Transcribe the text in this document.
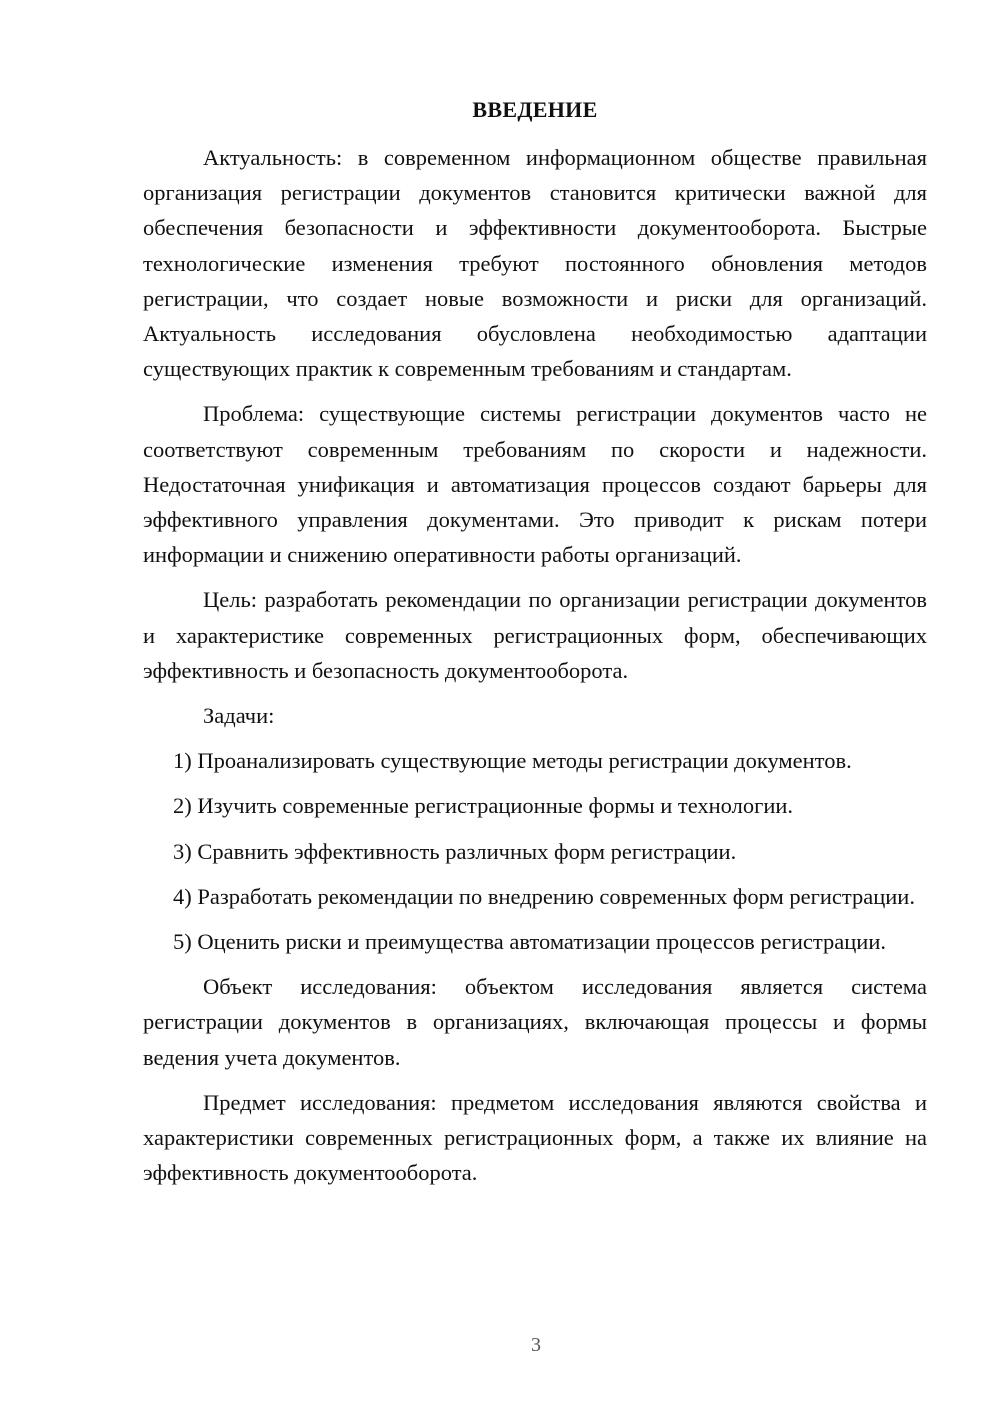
ВВЕДЕНИЕ

Актуальность: в современном информационном обществе правильная организация регистрации документов становится критически важной для обеспечения безопасности и эффективности документооборота. Быстрые технологические изменения требуют постоянного обновления методов регистрации, что создает новые возможности и риски для организаций. Актуальность исследования обусловлена необходимостью адаптации существующих практик к современным требованиям и стандартам.

Проблема: существующие системы регистрации документов часто не соответствуют современным требованиям по скорости и надежности. Недостаточная унификация и автоматизация процессов создают барьеры для эффективного управления документами. Это приводит к рискам потери информации и снижению оперативности работы организаций.

Цель: разработать рекомендации по организации регистрации документов и характеристике современных регистрационных форм, обеспечивающих эффективность и безопасность документооборота.

Задачи:

1) Проанализировать существующие методы регистрации документов.

2) Изучить современные регистрационные формы и технологии.

3) Сравнить эффективность различных форм регистрации.

4) Разработать рекомендации по внедрению современных форм регистрации.

5) Оценить риски и преимущества автоматизации процессов регистрации.

Объект исследования: объектом исследования является система регистрации документов в организациях, включающая процессы и формы ведения учета документов.

Предмет исследования: предметом исследования являются свойства и характеристики современных регистрационных форм, а также их влияние на эффективность документооборота.

3
